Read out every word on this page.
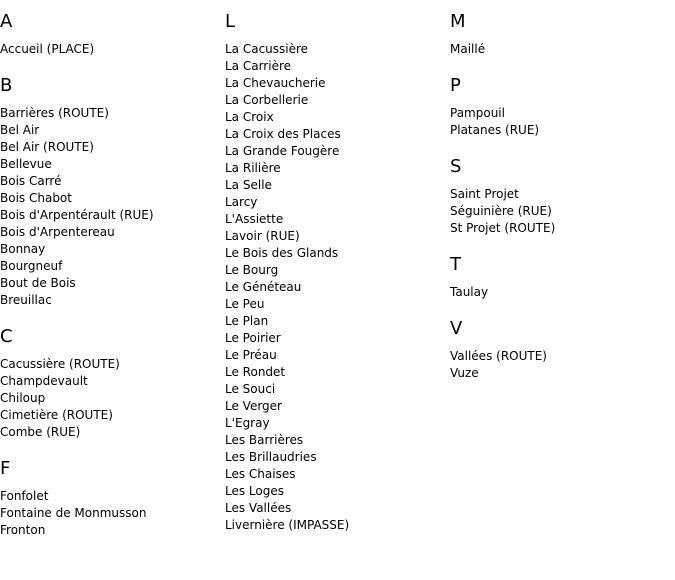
A
Accueil (PLACE)
B
Barrières (ROUTE)
Bel Air
Bel Air (ROUTE)
Bellevue
Bois Carré
Bois Chabot
Bois d'Arpentérault (RUE)
Bois d'Arpentereau
Bonnay
Bourgneuf
Bout de Bois
Breuillac
C
Cacussière (ROUTE)
Champdevault
Chiloup
Cimetière (ROUTE)
Combe (RUE)
F
Fonfolet
Fontaine de Monmusson
Fronton
L
La Cacussière
La Carrière
La Chevaucherie
La Corbellerie
La Croix
La Croix des Places
La Grande Fougère
La Rilière
La Selle
Larcy
L'Assiette
Lavoir (RUE)
Le Bois des Glands
Le Bourg
Le Généteau
Le Peu
Le Plan
Le Poirier
Le Préau
Le Rondet
Le Souci
Le Verger
L'Egray
Les Barrières
Les Brillaudries
Les Chaises
Les Loges
Les Vallées
Livernière (IMPASSE)
M
Maillé
P
Pampouil
Platanes (RUE)
S
Saint Projet
Séguinière (RUE)
St Projet (ROUTE)
T
Taulay
V
Vallées (ROUTE)
Vuze
